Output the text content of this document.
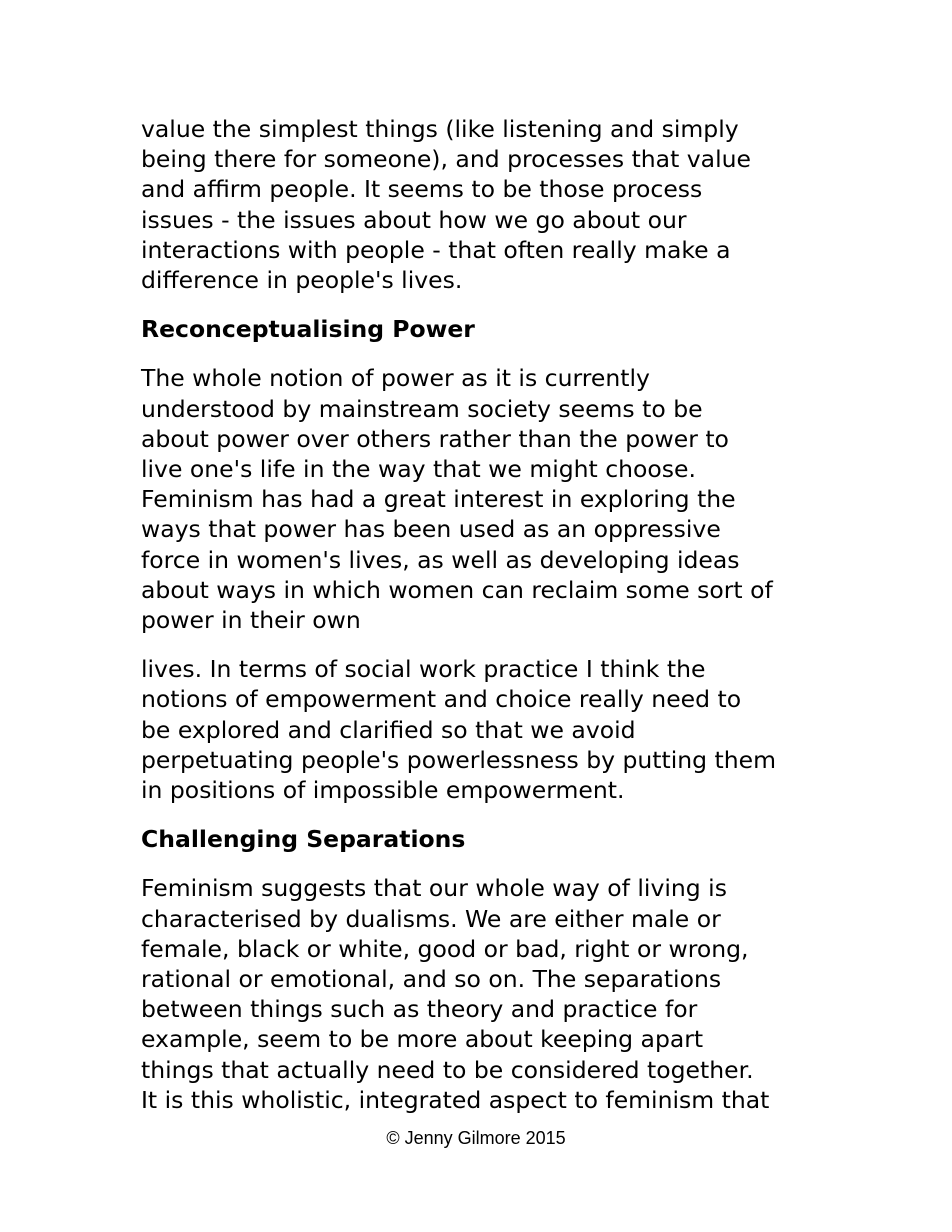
value the simplest things (like listening and simply
being there for someone), and processes that value
and affirm people. It seems to be those process
issues - the issues about how we go about our
interactions with people - that often really make a
difference in people's lives.

Reconceptualising Power

The whole notion of power as it is currently
understood by mainstream society seems to be
about power over others rather than the power to
live one's life in the way that we might choose.
Feminism has had a great interest in exploring the
ways that power has been used as an oppressive
force in women's lives, as well as developing ideas
about ways in which women can reclaim some sort of
power in their own

lives. In terms of social work practice I think the
notions of empowerment and choice really need to
be explored and clarified so that we avoid
perpetuating people's powerlessness by putting them
in positions of impossible empowerment.

Challenging Separations

Feminism suggests that our whole way of living is
characterised by dualisms. We are either male or
female, black or white, good or bad, right or wrong,
rational or emotional, and so on. The separations
between things such as theory and practice for
example, seem to be more about keeping apart
things that actually need to be considered together.
It is this wholistic, integrated aspect to feminism that

© Jenny Gilmore 2015
